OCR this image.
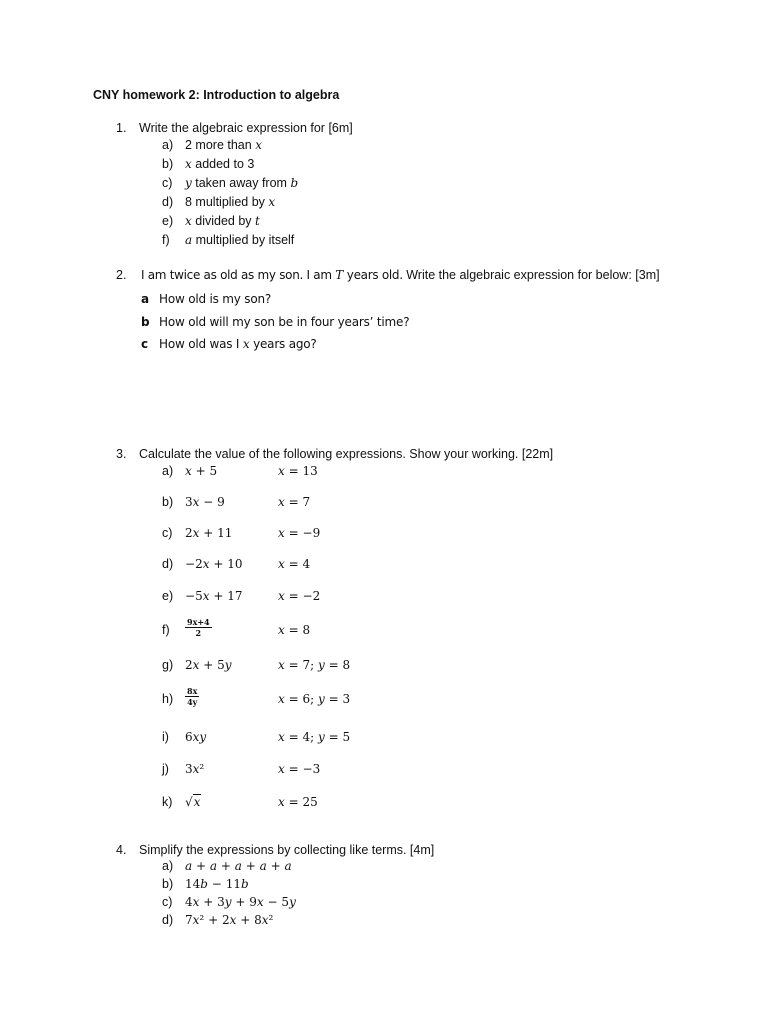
CNY homework 2: Introduction to algebra
1. Write the algebraic expression for [6m]
a) 2 more than x
b) x added to 3
c) y taken away from b
d) 8 multiplied by x
e) x divided by t
f) a multiplied by itself
2. I am twice as old as my son. I am T years old. Write the algebraic expression for below: [3m]
a How old is my son?
b How old will my son be in four years’ time?
c How old was I x years ago?
3. Calculate the value of the following expressions. Show your working. [22m]
a) x + 5	x = 13
b) 3x − 9	x = 7
c) 2x + 11	x = −9
d) −2x + 10	x = 4
e) −5x + 17	x = −2
$f) \frac{9x+4}{2}$	x = 8
g) 2x + 5y	x = 7; y = 8
$h) \frac{8x}{4y}$	x = 6; y = 3
i) 6xy	x = 4; y = 5
j) 3x²	x = −3
k) √x	x = 25
4. Simplify the expressions by collecting like terms. [4m]
a) a + a + a + a + a
b) 14b − 11b
c) 4x + 3y + 9x − 5y
d) 7x² + 2x + 8x²
